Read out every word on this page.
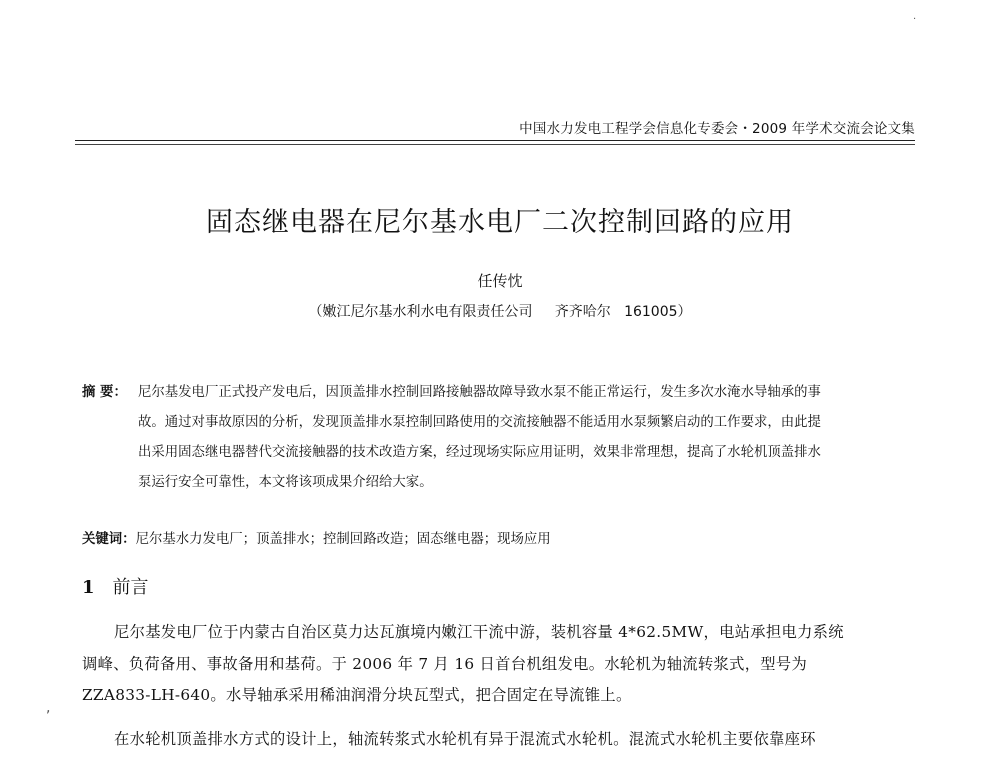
中国水力发电工程学会信息化专委会・2009 年学术交流会论文集
固态继电器在尼尔基水电厂二次控制回路的应用
任传忱
（嫩江尼尔基水利水电有限责任公司     齐齐哈尔   161005）
摘 要： 尼尔基发电厂正式投产发电后，因顶盖排水控制回路接触器故障导致水泵不能正常运行，发生多次水淹水导轴承的事
故。通过对事故原因的分析，发现顶盖排水泵控制回路使用的交流接触器不能适用水泵频繁启动的工作要求，由此提
出采用固态继电器替代交流接触器的技术改造方案，经过现场实际应用证明，效果非常理想，提高了水轮机顶盖排水
泵运行安全可靠性，本文将该项成果介绍给大家。
关键词：尼尔基水力发电厂；顶盖排水；控制回路改造；固态继电器；现场应用
1 前言

尼尔基发电厂位于内蒙古自治区莫力达瓦旗境内嫩江干流中游，装机容量 4*62.5MW，电站承担电力系统

调峰、负荷备用、事故备用和基荷。于 2006 年 7 月 16 日首台机组发电。水轮机为轴流转浆式，型号为

ZZA833-LH-640。水导轴承采用稀油润滑分块瓦型式，把合固定在导流锥上。

在水轮机顶盖排水方式的设计上，轴流转浆式水轮机有异于混流式水轮机。混流式水轮机主要依靠座环

·
,
